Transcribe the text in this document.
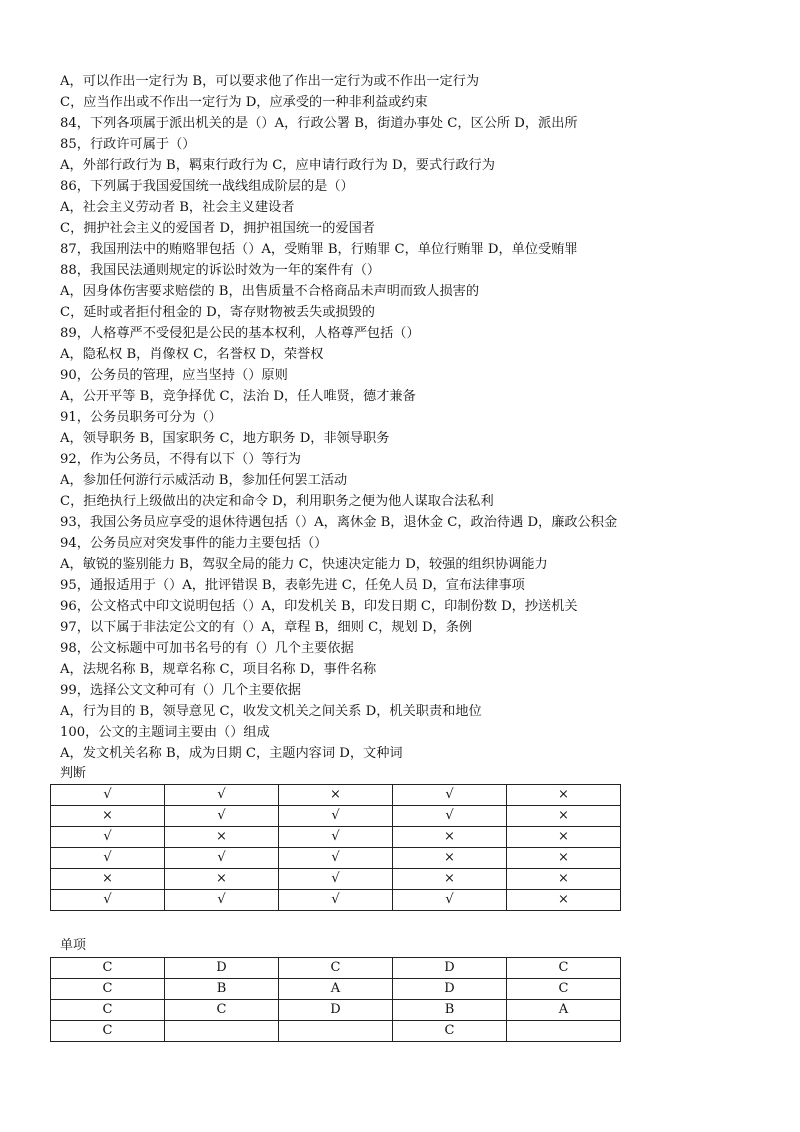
A，可以作出一定行为 B，可以要求他了作出一定行为或不作出一定行为
C，应当作出或不作出一定行为 D，应承受的一种非利益或约束
84，下列各项属于派出机关的是（）A，行政公署 B，街道办事处 C，区公所 D，派出所
85，行政许可属于（）
A，外部行政行为 B，羁束行政行为 C，应申请行政行为 D，要式行政行为
86，下列属于我国爱国统一战线组成阶层的是（）
A，社会主义劳动者 B，社会主义建设者
C，拥护社会主义的爱国者 D，拥护祖国统一的爱国者
87，我国刑法中的贿赂罪包括（）A，受贿罪 B，行贿罪 C，单位行贿罪 D，单位受贿罪
88，我国民法通则规定的诉讼时效为一年的案件有（）
A，因身体伤害要求赔偿的 B，出售质量不合格商品未声明而致人损害的
C，延时或者拒付租金的 D，寄存财物被丢失或损毁的
89，人格尊严不受侵犯是公民的基本权利，人格尊严包括（）
A，隐私权 B，肖像权 C，名誉权 D，荣誉权
90，公务员的管理，应当坚持（）原则
A，公开平等 B，竞争择优 C，法治 D，任人唯贤，德才兼备
91，公务员职务可分为（）
A，领导职务 B，国家职务 C，地方职务 D，非领导职务
92，作为公务员，不得有以下（）等行为
A，参加任何游行示威活动 B，参加任何罢工活动
C，拒绝执行上级做出的决定和命令 D，利用职务之便为他人谋取合法私利
93，我国公务员应享受的退休待遇包括（）A，离休金 B，退休金 C，政治待遇 D，廉政公积金
94，公务员应对突发事件的能力主要包括（）
A，敏锐的鉴别能力 B，驾驭全局的能力 C，快速决定能力 D，较强的组织协调能力
95，通报适用于（）A，批评错误 B，表彰先进 C，任免人员 D，宣布法律事项
96，公文格式中印文说明包括（）A，印发机关 B，印发日期 C，印制份数 D，抄送机关
97，以下属于非法定公文的有（）A，章程 B，细则 C，规划 D，条例
98，公文标题中可加书名号的有（）几个主要依据
A，法规名称 B，规章名称 C，项目名称 D，事件名称
99，选择公文文种可有（）几个主要依据
A，行为目的 B，领导意见 C，收发文机关之间关系 D，机关职责和地位
100，公文的主题词主要由（）组成
A，发文机关名称 B，成为日期 C，主题内容词 D，文种词
判断
√	√	×	√	×
×	√	√	√	×
√	×	√	×	×
√	√	√	×	×
×	×	√	×	×
√	√	√	√	×
单项
C	D	C	D	C
C	B	A	D	C
C	C	D	B	A
C			C	
